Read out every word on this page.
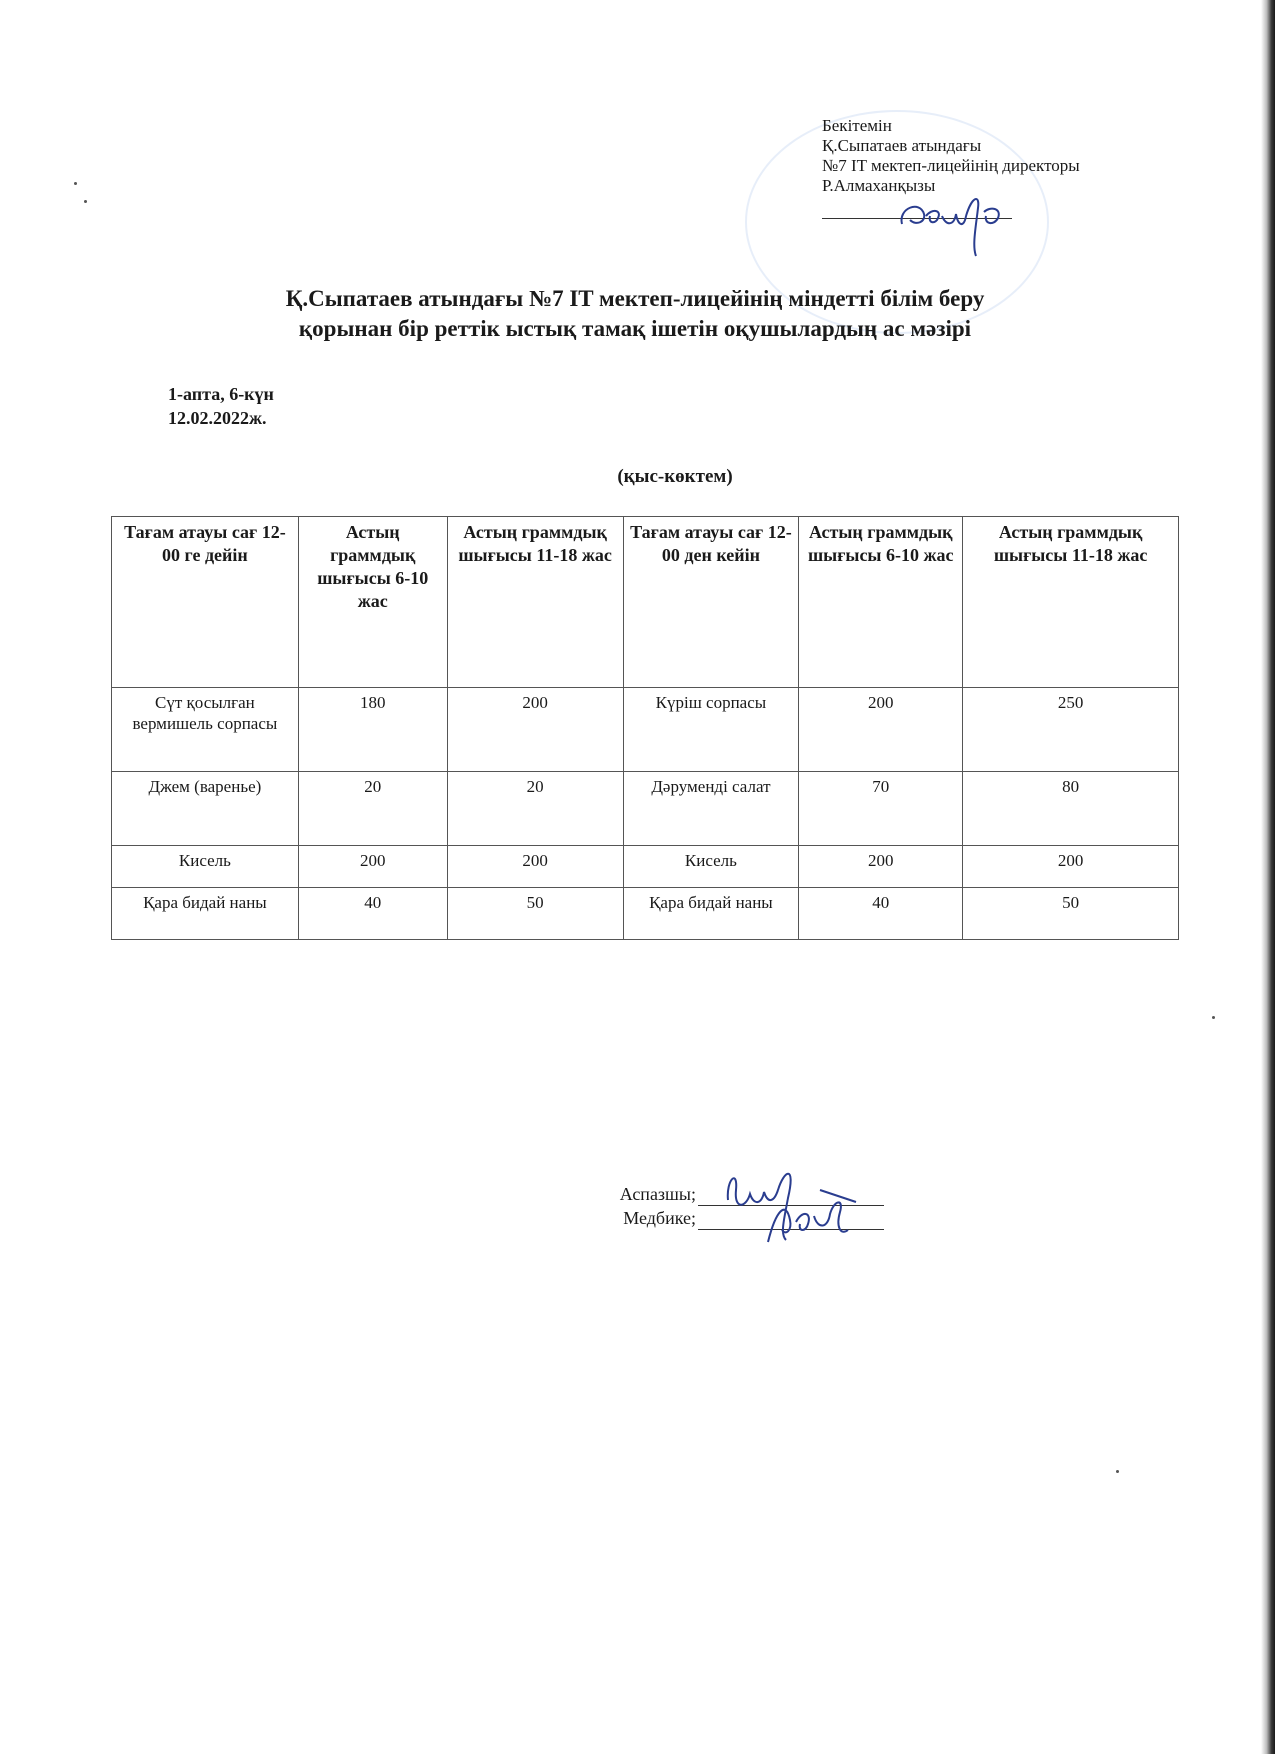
Бекітемін
Қ.Сыпатаев атындағы
№7 IT мектеп-лицейінің директоры
Р.Алмаханқызы
Қ.Сыпатаев атындағы №7 IT мектеп-лицейінің міндетті білім беру
қорынан бір реттік ыстық тамақ ішетін оқушылардың ас мәзірі
1-апта, 6-күн
12.02.2022ж.
(қыс-көктем)
Тағам атауы сағ 12-00 ге дейін	Астың граммдық шығысы 6-10 жас	Астың граммдық шығысы 11-18 жас	Тағам атауы сағ 12-00 ден кейін	Астың граммдық шығысы 6-10 жас	Астың граммдық шығысы 11-18 жас
Сүт қосылған вермишель сорпасы	180	200	Күріш сорпасы	200	250
Джем (варенье)	20	20	Дәруменді салат	70	80
Кисель	200	200	Кисель	200	200
Қара бидай наны	40	50	Қара бидай наны	40	50
Аспазшы;
Медбике;
